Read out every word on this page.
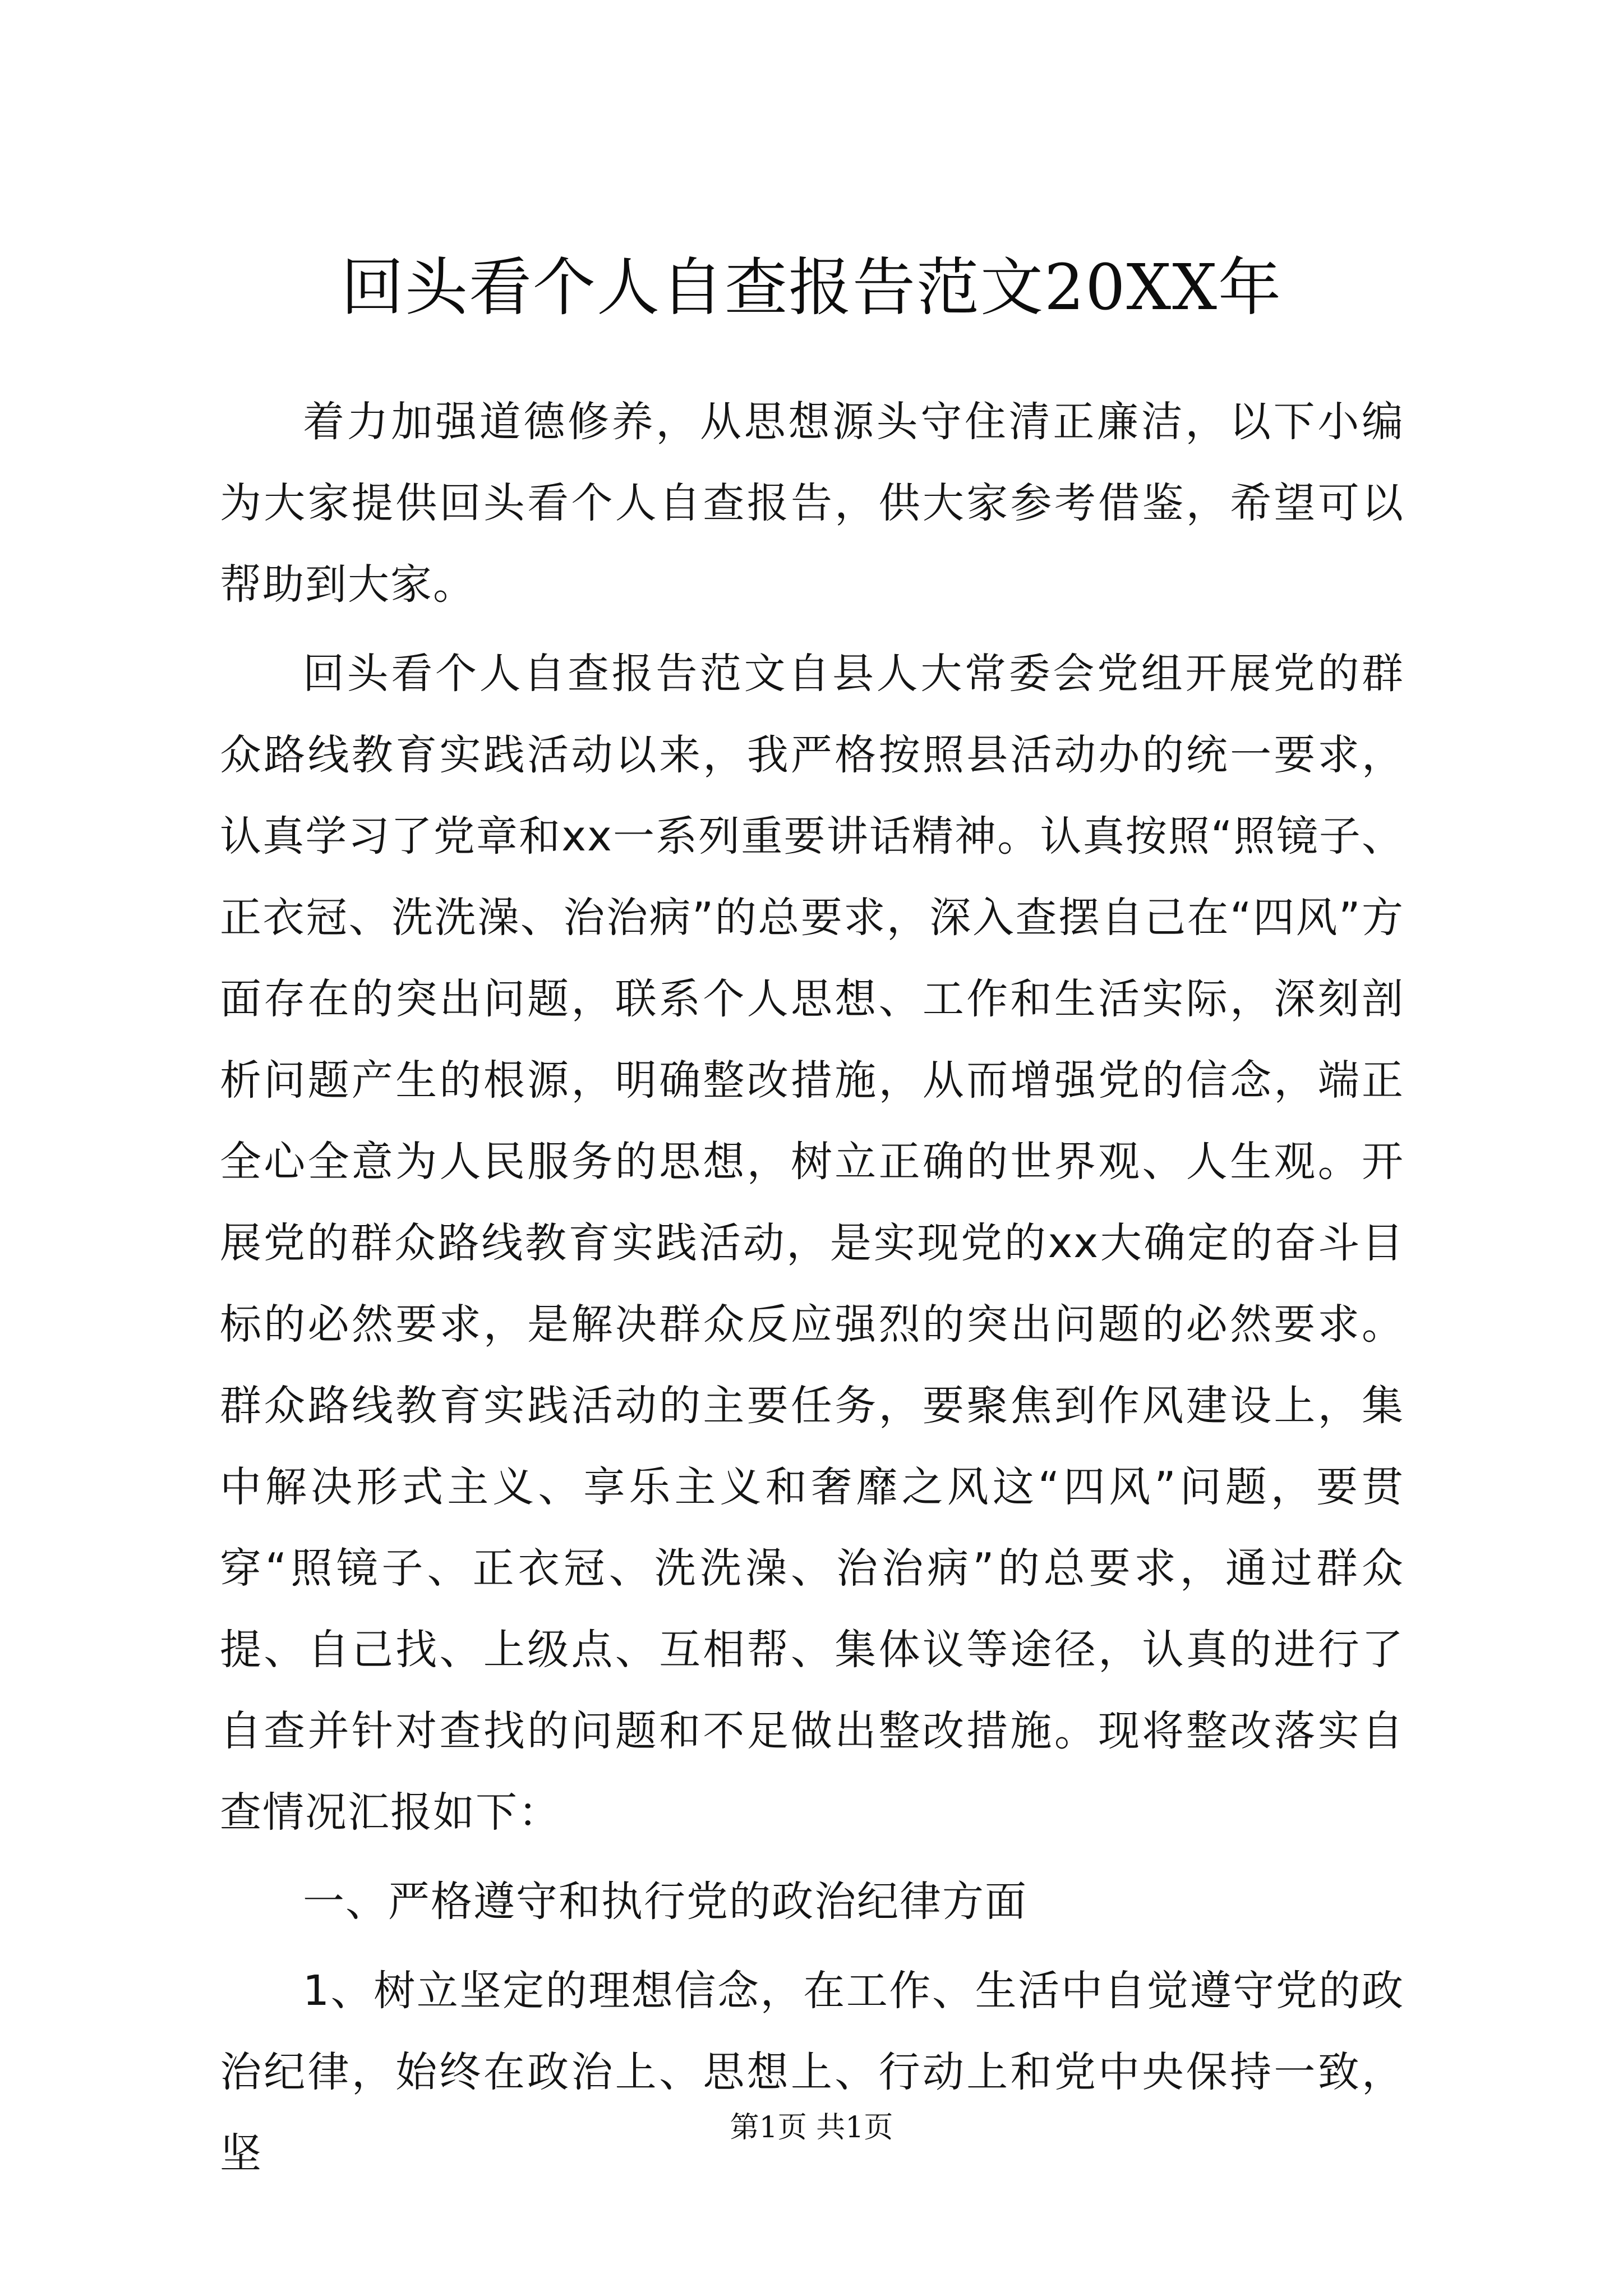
回头看个人自查报告范文20XX年

着力加强道德修养，从思想源头守住清正廉洁，以下小编为大家提供回头看个人自查报告，供大家参考借鉴，希望可以帮助到大家。

回头看个人自查报告范文自县人大常委会党组开展党的群众路线教育实践活动以来，我严格按照县活动办的统一要求，认真学习了党章和xx一系列重要讲话精神。认真按照“照镜子、正衣冠、洗洗澡、治治病”的总要求，深入查摆自己在“四风”方面存在的突出问题，联系个人思想、工作和生活实际，深刻剖析问题产生的根源，明确整改措施，从而增强党的信念，端正全心全意为人民服务的思想，树立正确的世界观、人生观。开展党的群众路线教育实践活动，是实现党的xx大确定的奋斗目标的必然要求，是解决群众反应强烈的突出问题的必然要求。群众路线教育实践活动的主要任务，要聚焦到作风建设上，集中解决形式主义、享乐主义和奢靡之风这“四风”问题，要贯穿“照镜子、正衣冠、洗洗澡、治治病”的总要求，通过群众提、自己找、上级点、互相帮、集体议等途径，认真的进行了自查并针对查找的问题和不足做出整改措施。现将整改落实自查情况汇报如下：

一、严格遵守和执行党的政治纪律方面

1、树立坚定的理想信念，在工作、生活中自觉遵守党的政治纪律，始终在政治上、思想上、行动上和党中央保持一致，坚

第1页 共1页
